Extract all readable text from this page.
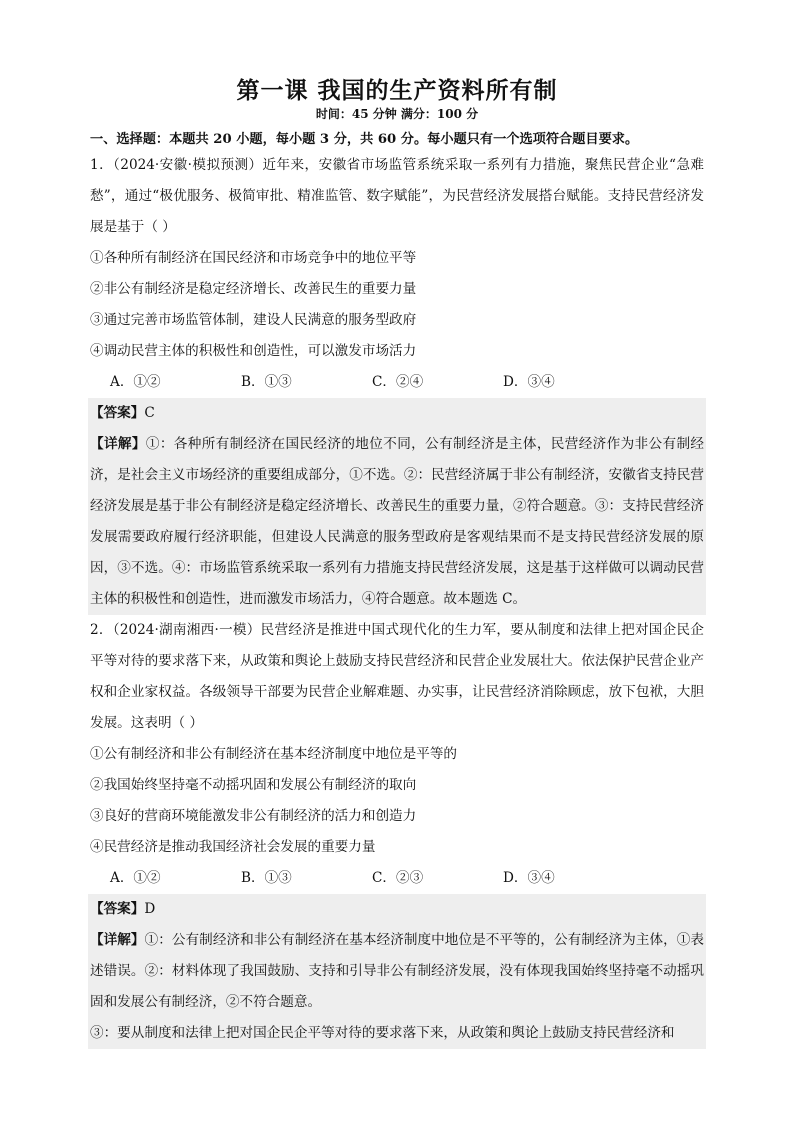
第一课 我国的生产资料所有制
时间：45 分钟 满分：100 分
一、选择题：本题共 20 小题，每小题 3 分，共 60 分。每小题只有一个选项符合题目要求。

1．（2024·安徽·模拟预测）近年来，安徽省市场监管系统采取一系列有力措施，聚焦民营企业“急难愁”，通过“极优服务、极简审批、精准监管、数字赋能”，为民营经济发展搭台赋能。支持民营经济发展是基于（ ）

①各种所有制经济在国民经济和市场竞争中的地位平等

②非公有制经济是稳定经济增长、改善民生的重要力量

③通过完善市场监管体制，建设人民满意的服务型政府

④调动民营主体的积极性和创造性，可以激发市场活力

A．①②	B．①③	C．②④	D．③④

【答案】C

【详解】①：各种所有制经济在国民经济的地位不同，公有制经济是主体，民营经济作为非公有制经济，是社会主义市场经济的重要组成部分，①不选。②：民营经济属于非公有制经济，安徽省支持民营经济发展是基于非公有制经济是稳定经济增长、改善民生的重要力量，②符合题意。③：支持民营经济发展需要政府履行经济职能，但建设人民满意的服务型政府是客观结果而不是支持民营经济发展的原因，③不选。④：市场监管系统采取一系列有力措施支持民营经济发展，这是基于这样做可以调动民营主体的积极性和创造性，进而激发市场活力，④符合题意。故本题选 C。

2．（2024·湖南湘西·一模）民营经济是推进中国式现代化的生力军，要从制度和法律上把对国企民企平等对待的要求落下来，从政策和舆论上鼓励支持民营经济和民营企业发展壮大。依法保护民营企业产权和企业家权益。各级领导干部要为民营企业解难题、办实事，让民营经济消除顾虑，放下包袱，大胆发展。这表明（ ）

①公有制经济和非公有制经济在基本经济制度中地位是平等的

②我国始终坚持毫不动摇巩固和发展公有制经济的取向

③良好的营商环境能激发非公有制经济的活力和创造力

④民营经济是推动我国经济社会发展的重要力量

A．①②	B．①③	C．②③	D．③④

【答案】D

【详解】①：公有制经济和非公有制经济在基本经济制度中地位是不平等的，公有制经济为主体，①表述错误。②：材料体现了我国鼓励、支持和引导非公有制经济发展，没有体现我国始终坚持毫不动摇巩固和发展公有制经济，②不符合题意。

③：要从制度和法律上把对国企民企平等对待的要求落下来，从政策和舆论上鼓励支持民营经济和
